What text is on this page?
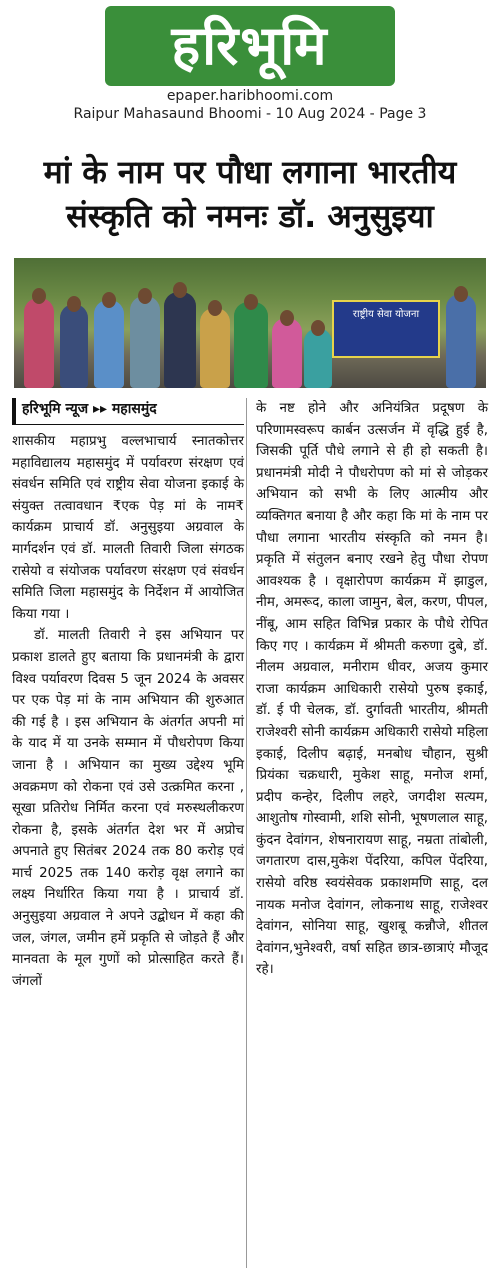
हरिभूमि
epaper.haribhoomi.com
Raipur Mahasaund Bhoomi - 10 Aug 2024 - Page 3
मां के नाम पर पौधा लगाना भारतीय
संस्कृति को नमनः डॉ. अनुसुइया
राष्ट्रीय सेवा योजना
हरिभूमि न्यूज ▸▸ महासमुंद

शासकीय महाप्रभु वल्लभाचार्य स्नातकोत्तर महाविद्यालय महासमुंद में पर्यावरण संरक्षण एवं संवर्धन समिति एवं राष्ट्रीय सेवा योजना इकाई के संयुक्त तत्वावधान ₹एक पेड़ मां के नाम₹ कार्यक्रम प्राचार्य डॉ. अनुसुइया अग्रवाल के मार्गदर्शन एवं डॉ. मालती तिवारी जिला संगठक रासेयो व संयोजक पर्यावरण संरक्षण एवं संवर्धन समिति जिला महासमुंद के निर्देशन में आयोजित किया गया ।

डॉ. मालती तिवारी ने इस अभियान पर प्रकाश डालते हुए बताया कि प्रधानमंत्री के द्वारा विश्व पर्यावरण दिवस 5 जून 2024 के अवसर पर एक पेड़ मां के नाम अभियान की शुरुआत की गई है । इस अभियान के अंतर्गत अपनी मां के याद में या उनके सम्मान में पौधरोपण किया जाना है । अभियान का मुख्य उद्देश्य भूमि अवक्रमण को रोकना एवं उसे उत्क्रमित करना , सूखा प्रतिरोध निर्मित करना एवं मरुस्थलीकरण रोकना है, इसके अंतर्गत देश भर में अप्रोच अपनाते हुए सितंबर 2024 तक 80 करोड़ एवं मार्च 2025 तक 140 करोड़ वृक्ष लगाने का लक्ष्य निर्धारित किया गया है । प्राचार्य डॉ. अनुसुइया अग्रवाल ने अपने उद्बोधन में कहा की जल, जंगल, जमीन हमें प्रकृति से जोड़ते हैं और मानवता के मूल गुणों को प्रोत्साहित करते हैं। जंगलों

के नष्ट होने और अनियंत्रित प्रदूषण के परिणामस्वरूप कार्बन उत्सर्जन में वृद्धि हुई है, जिसकी पूर्ति पौधे लगाने से ही हो सकती है। प्रधानमंत्री मोदी ने पौधरोपण को मां से जोड़कर अभियान को सभी के लिए आत्मीय और व्यक्तिगत बनाया है और कहा कि मां के नाम पर पौधा लगाना भारतीय संस्कृति को नमन है। प्रकृति में संतुलन बनाए रखने हेतु पौधा रोपण आवश्यक है । वृक्षारोपण कार्यक्रम में झाडुल, नीम, अमरूद, काला जामुन, बेल, करण, पीपल, नींबू, आम सहित विभिन्न प्रकार के पौधे रोपित किए गए । कार्यक्रम में श्रीमती करुणा दुबे, डॉ. नीलम अग्रवाल, मनीराम धीवर, अजय कुमार राजा कार्यक्रम आधिकारी रासेयो पुरुष इकाई, डॉ. ई पी चेलक, डॉ. दुर्गावती भारतीय, श्रीमती राजेश्वरी सोनी कार्यक्रम अधिकारी रासेयो महिला इकाई, दिलीप बढ़ाई, मनबोध चौहान, सुश्री प्रियंका चक्रधारी, मुकेश साहू, मनोज शर्मा, प्रदीप कन्हेर, दिलीप लहरे, जगदीश सत्यम, आशुतोष गोस्वामी, शशि सोनी, भूषणलाल साहू, कुंदन देवांगन, शेषनारायण साहू, नम्रता तांबोली, जगतारण दास,मुकेश पेंदरिया, कपिल पेंदरिया, रासेयो वरिष्ठ स्वयंसेवक प्रकाशमणि साहू, दल नायक मनोज देवांगन, लोकनाथ साहू, राजेश्वर देवांगन, सोनिया साहू, खुशबू कन्नौजे, शीतल देवांगन,भुनेश्वरी, वर्षा सहित छात्र-छात्राएं मौजूद रहे।
